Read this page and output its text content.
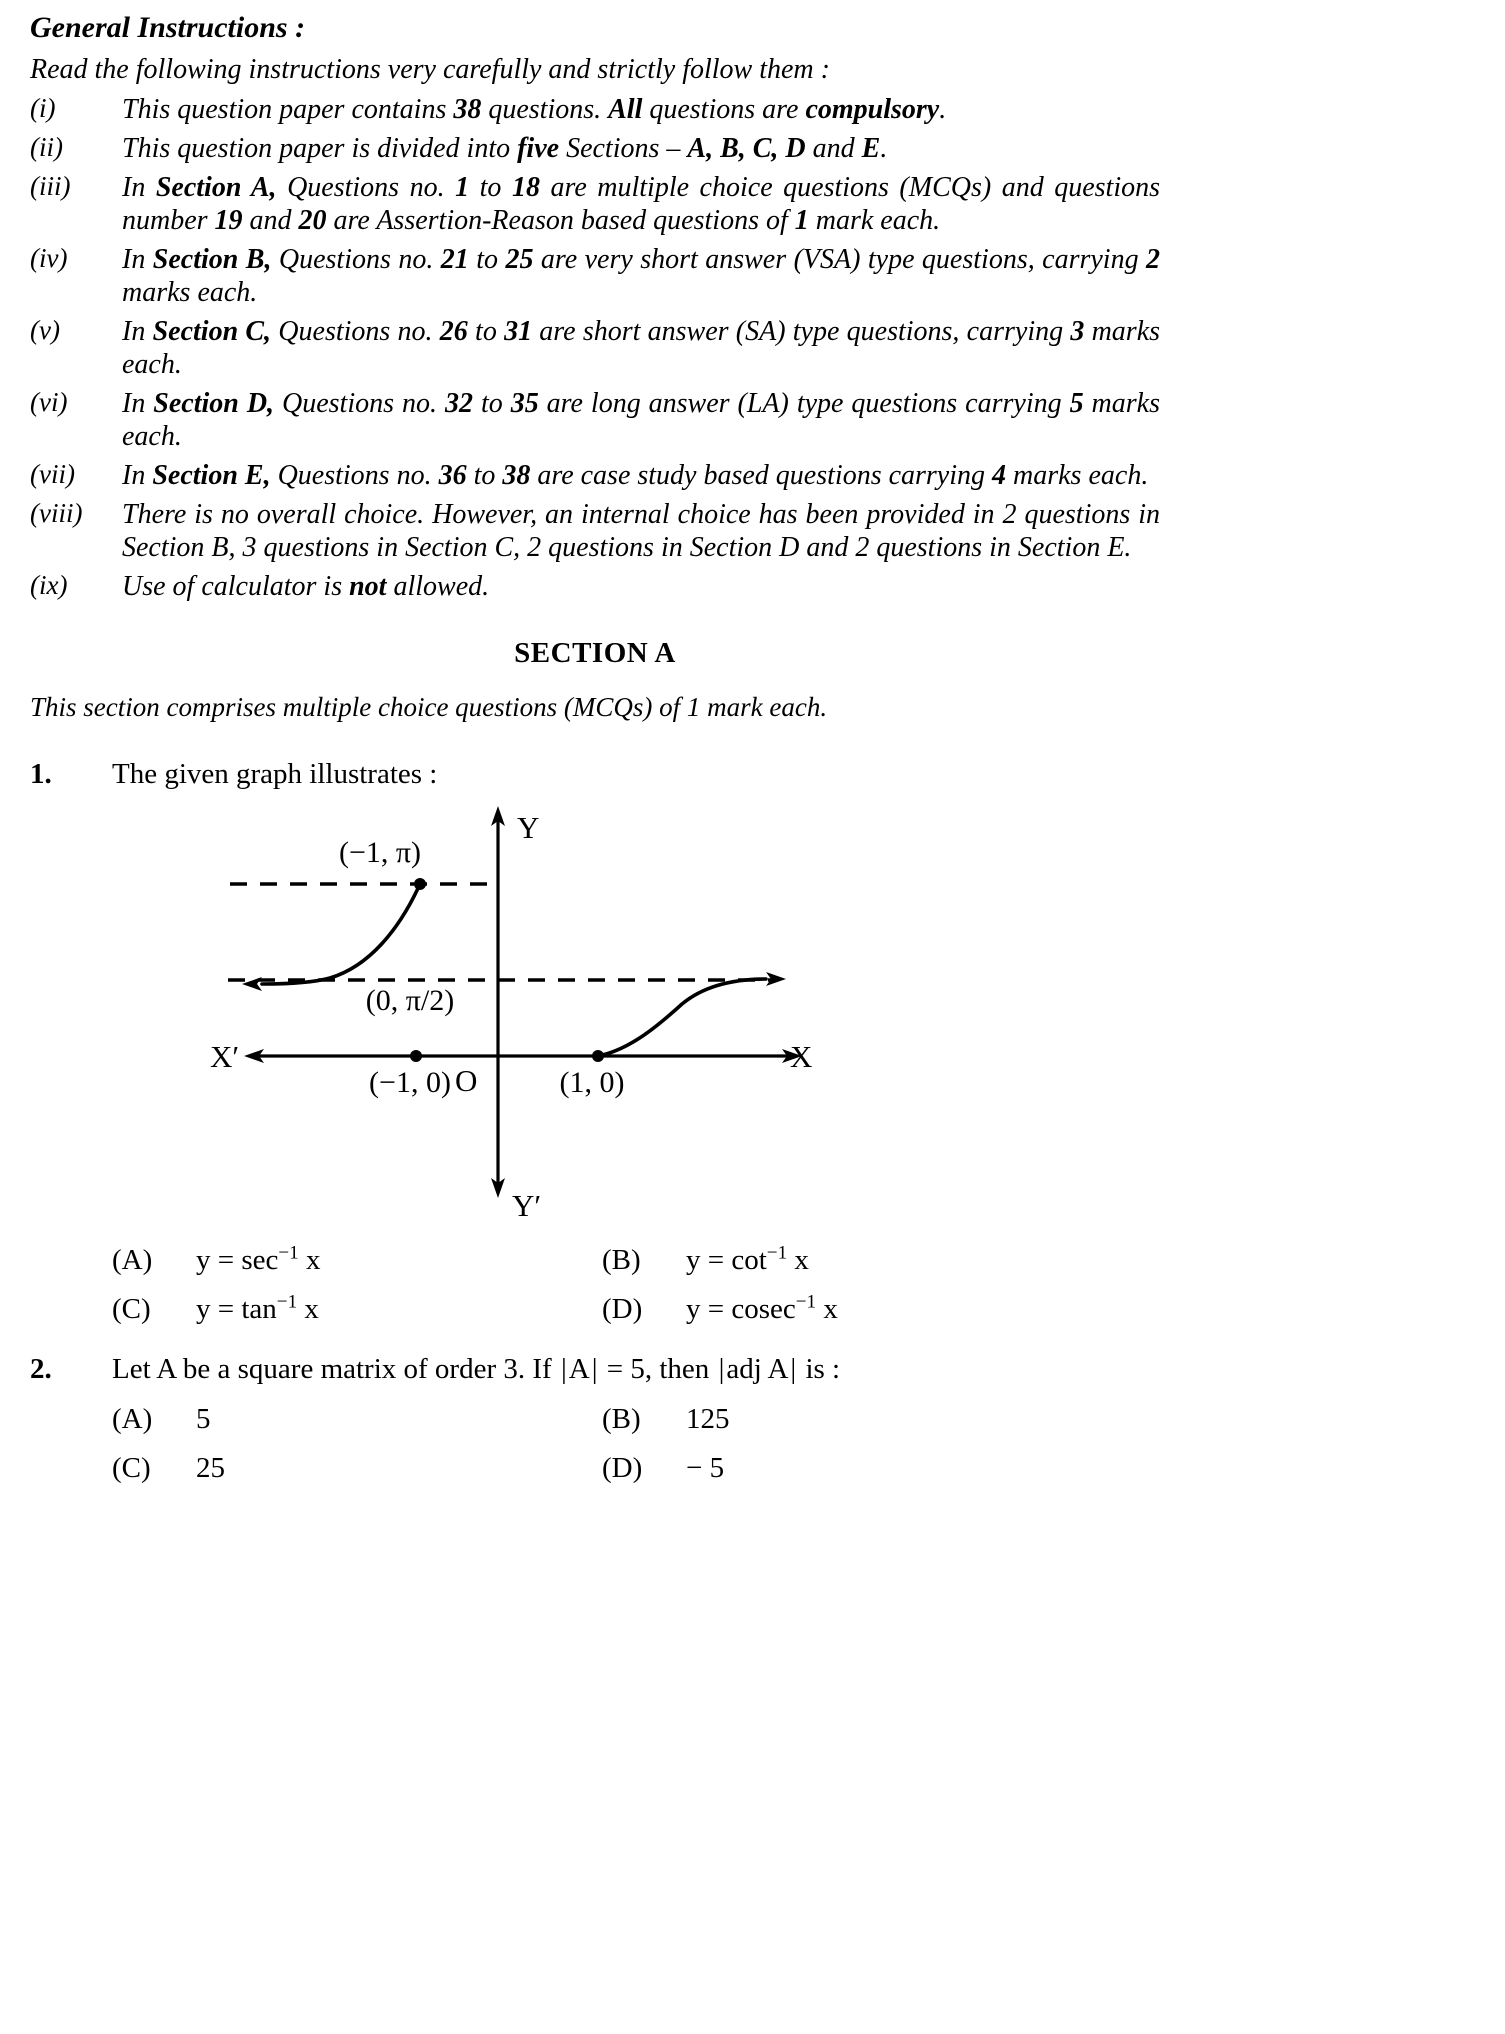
General Instructions :
Read the following instructions very carefully and strictly follow them :
(i)	This question paper contains 38 questions. All questions are compulsory.
(ii)	This question paper is divided into five Sections – A, B, C, D and E.
(iii)	In Section A, Questions no. 1 to 18 are multiple choice questions (MCQs) and questions number 19 and 20 are Assertion-Reason based questions of 1 mark each.
(iv)	In Section B, Questions no. 21 to 25 are very short answer (VSA) type questions, carrying 2 marks each.
(v)	In Section C, Questions no. 26 to 31 are short answer (SA) type questions, carrying 3 marks each.
(vi)	In Section D, Questions no. 32 to 35 are long answer (LA) type questions carrying 5 marks each.
(vii)	In Section E, Questions no. 36 to 38 are case study based questions carrying 4 marks each.
(viii)	There is no overall choice. However, an internal choice has been provided in 2 questions in Section B, 3 questions in Section C, 2 questions in Section D and 2 questions in Section E.
(ix)	Use of calculator is not allowed.
SECTION A
This section comprises multiple choice questions (MCQs) of 1 mark each.
1.	The given graph illustrates :
Y
Y′
X
X′
O
(−1, π)
(0, π/2)
(−1, 0)	(1, 0)
(A)	$y = \sec^{-1} x$	(B)	$y = \cot^{-1} x$
(C)	$y = \tan^{-1} x$	(D)	y = cosec$^{-1}$ x
2.	Let A be a square matrix of order 3. If |A| = 5, then |adj A| is :
(A)	5	(B)	125
(C)	25	(D)	− 5
